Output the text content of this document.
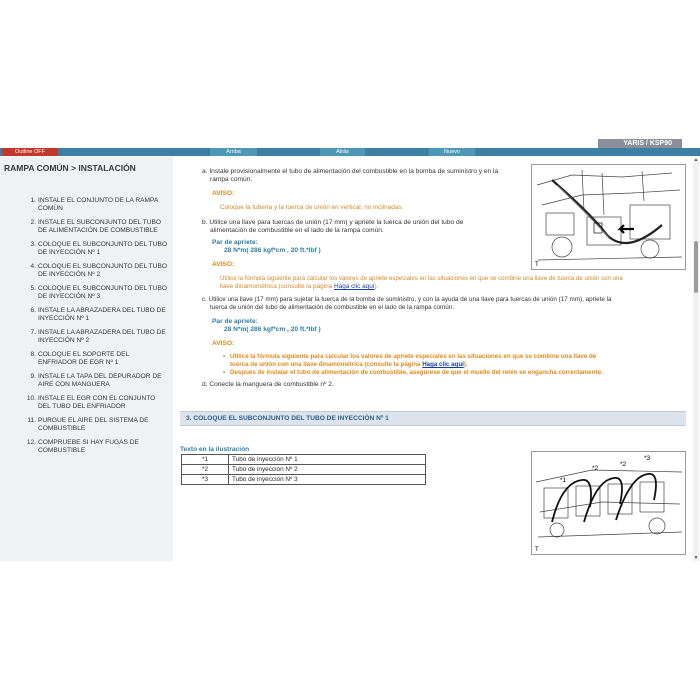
YARIS / KSP90
Outline OFF	Arriba	Atrás	Nuevo
RAMPA COMÚN > INSTALACIÓN
1. INSTALE EL CONJUNTO DE LA RAMPA COMÚN
2. INSTALE EL SUBCONJUNTO DEL TUBO DE ALIMENTACIÓN DE COMBUSTIBLE
3. COLOQUE EL SUBCONJUNTO DEL TUBO DE INYECCIÓN Nº 1
4. COLOQUE EL SUBCONJUNTO DEL TUBO DE INYECCIÓN Nº 2
5. COLOQUE EL SUBCONJUNTO DEL TUBO DE INYECCIÓN Nº 3
6. INSTALE LA ABRAZADERA DEL TUBO DE INYECCIÓN Nº 1
7. INSTALE LA ABRAZADERA DEL TUBO DE INYECCIÓN Nº 2
8. COLOQUE EL SOPORTE DEL ENFRIADOR DE EGR Nº 1
9. INSTALE LA TAPA DEL DEPURADOR DE AIRE CON MANGUERA
10. INSTALE EL EGR CON EL CONJUNTO DEL TUBO DEL ENFRIADOR
11. PURGUE EL AIRE DEL SISTEMA DE COMBUSTIBLE
12. COMPRUEBE SI HAY FUGAS DE COMBUSTIBLE
a. Instale provisionalmente el tubo de alimentación del combustible en la bomba de suministro y en la
rampa común.
AVISO:
Coloque la tubería y la tuerca de unión en vertical, no inclinadas.
b. Utilice una llave para tuercas de unión (17 mm) y apriete la tuerca de unión del tubo de
alimentación de combustible en el lado de la rampa común.
Par de apriete:
28 N*m( 286 kgf*cm , 20 ft.*lbf )
AVISO:
Utilice la fórmula siguiente para calcular los valores de apriete especiales en las situaciones en que se combine una llave de tuerca de unión con una
llave dinamométrica (consulte la página Haga clic aquí).
c. Utilice una llave (17 mm) para sujetar la tuerca de la bomba de suministro, y con la ayuda de una llave para tuercas de unión (17 mm), apriete la
tuerca de unión del tubo de alimentación de combustible en el lado de la rampa común.
Par de apriete:
28 N*m( 286 kgf*cm , 20 ft.*lbf )
AVISO:
• Utilice la fórmula siguiente para calcular los valores de apriete especiales en las situaciones en que se combine una llave de
tuerca de unión con una llave dinamométrica (consulte la página Haga clic aquí).
• Después de instalar el tubo de alimentación de combustible, asegúrese de que el muelle del retén se engancha correctamente.
d. Conecte la manguera de combustible nº 2.
3. COLOQUE EL SUBCONJUNTO DEL TUBO DE INYECCIÓN Nº 1
Texto en la ilustración
*1	Tubo de inyección Nº 1
*2	Tubo de inyección Nº 2
*3	Tubo de inyección Nº 3
T
*1
*2
*2
*3
T
▲
▼
